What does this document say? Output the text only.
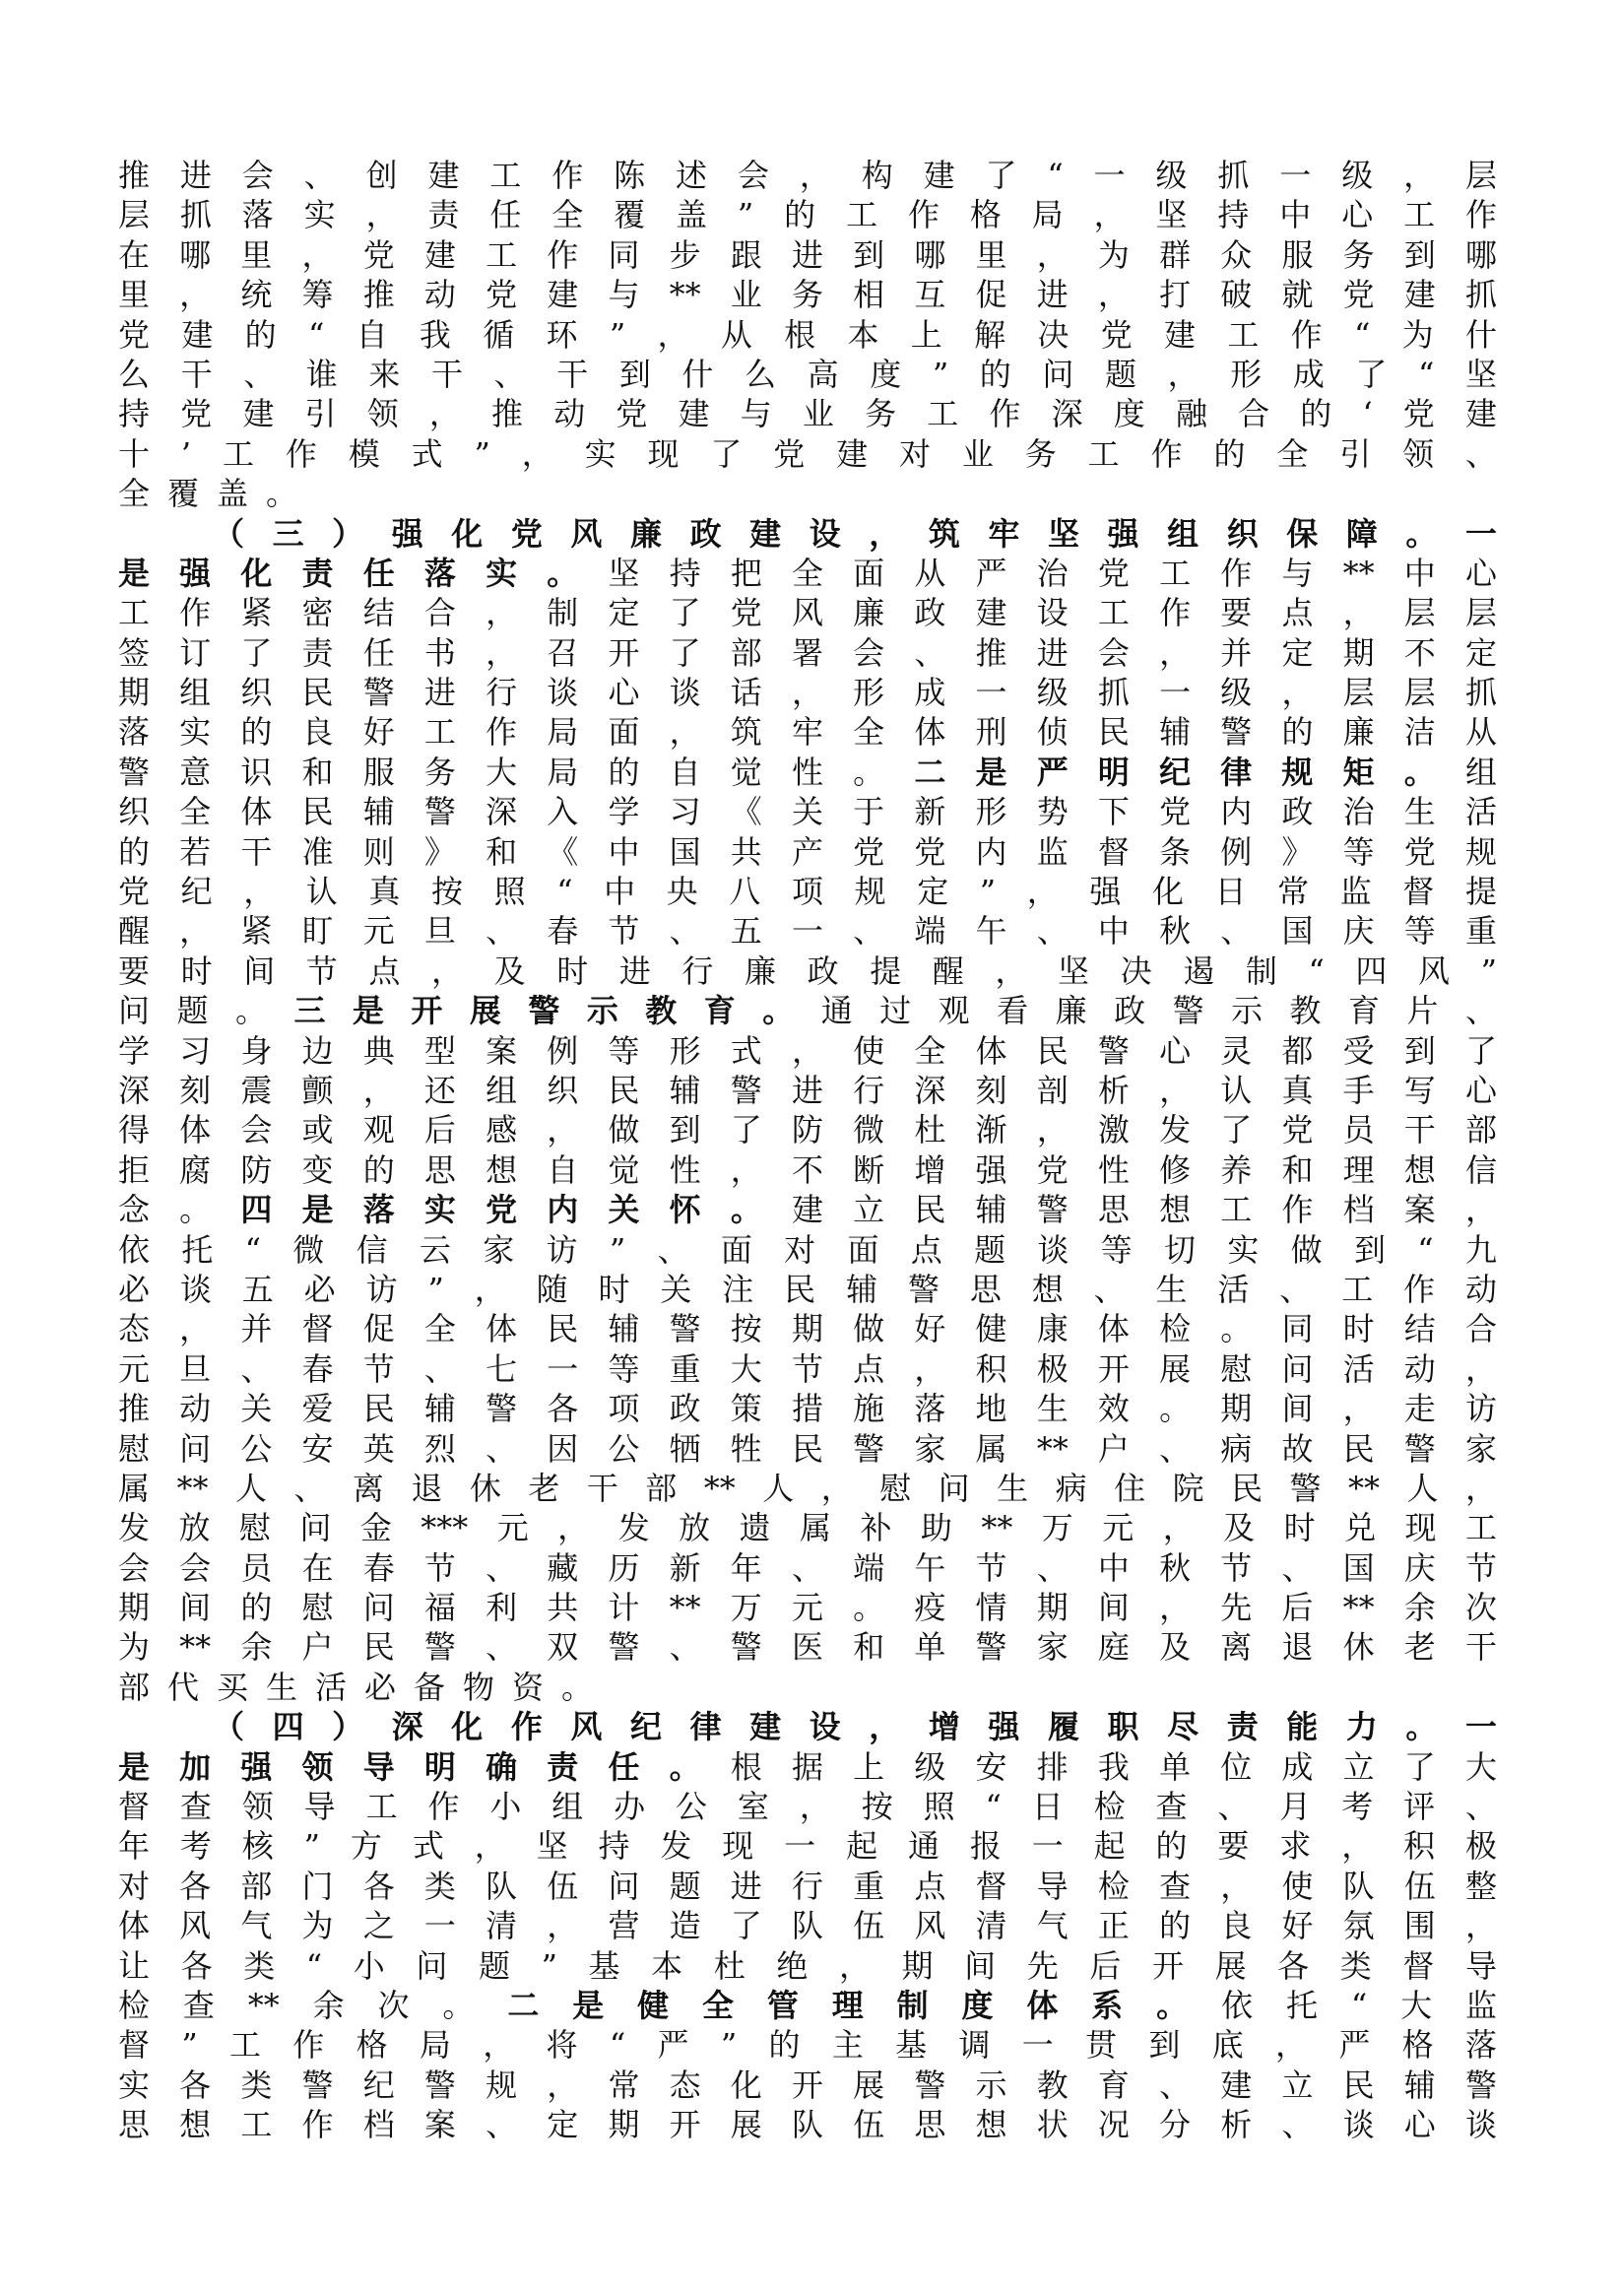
推进会、创建工作陈述会，构建了“一级抓一级，层
层抓落实，责任全覆盖”的工作格局，坚持中心工作
在哪里，党建工作同步跟进到哪里，为群众服务到哪
里，统筹推动党建与**业务相互促进，打破就党建抓
党建的“自我循环”，从根本上解决党建工作“为什
么干、谁来干、干到什么高度”的问题，形成了“坚
持党建引领，推动党建与业务工作深度融合的‘党建
十’工作模式”，实现了党建对业务工作的全引领、
全覆盖。
（三）强化党风廉政建设，筑牢坚强组织保障。一
是强化责任落实。坚持把全面从严治党工作与**中心
工作紧密结合，制定了党风廉政建设工作要点，层层
签订了责任书，召开了部署会、推进会，并定期不定
期组织民警进行谈心谈话，形成一级抓一级，层层抓
落实的良好工作局面，筑牢全体刑侦民辅警的廉洁从
警意识和服务大局的自觉性。二是严明纪律规矩。组
织全体民辅警深入学习《关于新形势下党内政治生活
的若干准则》和《中国共产党党内监督条例》等党规
党纪，认真按照“中央八项规定”，强化日常监督提
醒，紧盯元旦、春节、五一、端午、中秋、国庆等重
要时间节点，及时进行廉政提醒，坚决遏制“四风”
问题。三是开展警示教育。通过观看廉政警示教育片、
学习身边典型案例等形式，使全体民警心灵都受到了
深刻震颤，还组织民辅警进行深刻剖析，认真手写心
得体会或观后感，做到了防微杜渐，激发了党员干部
拒腐防变的思想自觉性，不断增强党性修养和理想信
念。四是落实党内关怀。建立民辅警思想工作档案，
依托“微信云家访”、面对面点题谈等切实做到“九
必谈五必访”，随时关注民辅警思想、生活、工作动
态，并督促全体民辅警按期做好健康体检。同时结合
元旦、春节、七一等重大节点，积极开展慰问活动，
推动关爱民辅警各项政策措施落地生效。期间，走访
慰问公安英烈、因公牺牲民警家属**户、病故民警家
属**人、离退休老干部**人，慰问生病住院民警**人，
发放慰问金***元，发放遗属补助**万元，及时兑现工
会会员在春节、藏历新年、端午节、中秋节、国庆节
期间的慰问福利共计**万元。疫情期间，先后**余次
为**余户民警、双警、警医和单警家庭及离退休老干
部代买生活必备物资。
（四）深化作风纪律建设，增强履职尽责能力。一
是加强领导明确责任。根据上级安排我单位成立了大
督查领导工作小组办公室，按照“日检查、月考评、
年考核”方式，坚持发现一起通报一起的要求，积极
对各部门各类队伍问题进行重点督导检查，使队伍整
体风气为之一清，营造了队伍风清气正的良好氛围，
让各类“小问题”基本杜绝，期间先后开展各类督导
检查**余次。二是健全管理制度体系。依托“大监
督”工作格局，将“严”的主基调一贯到底，严格落
实各类警纪警规，常态化开展警示教育、建立民辅警
思想工作档案、定期开展队伍思想状况分析、谈心谈
